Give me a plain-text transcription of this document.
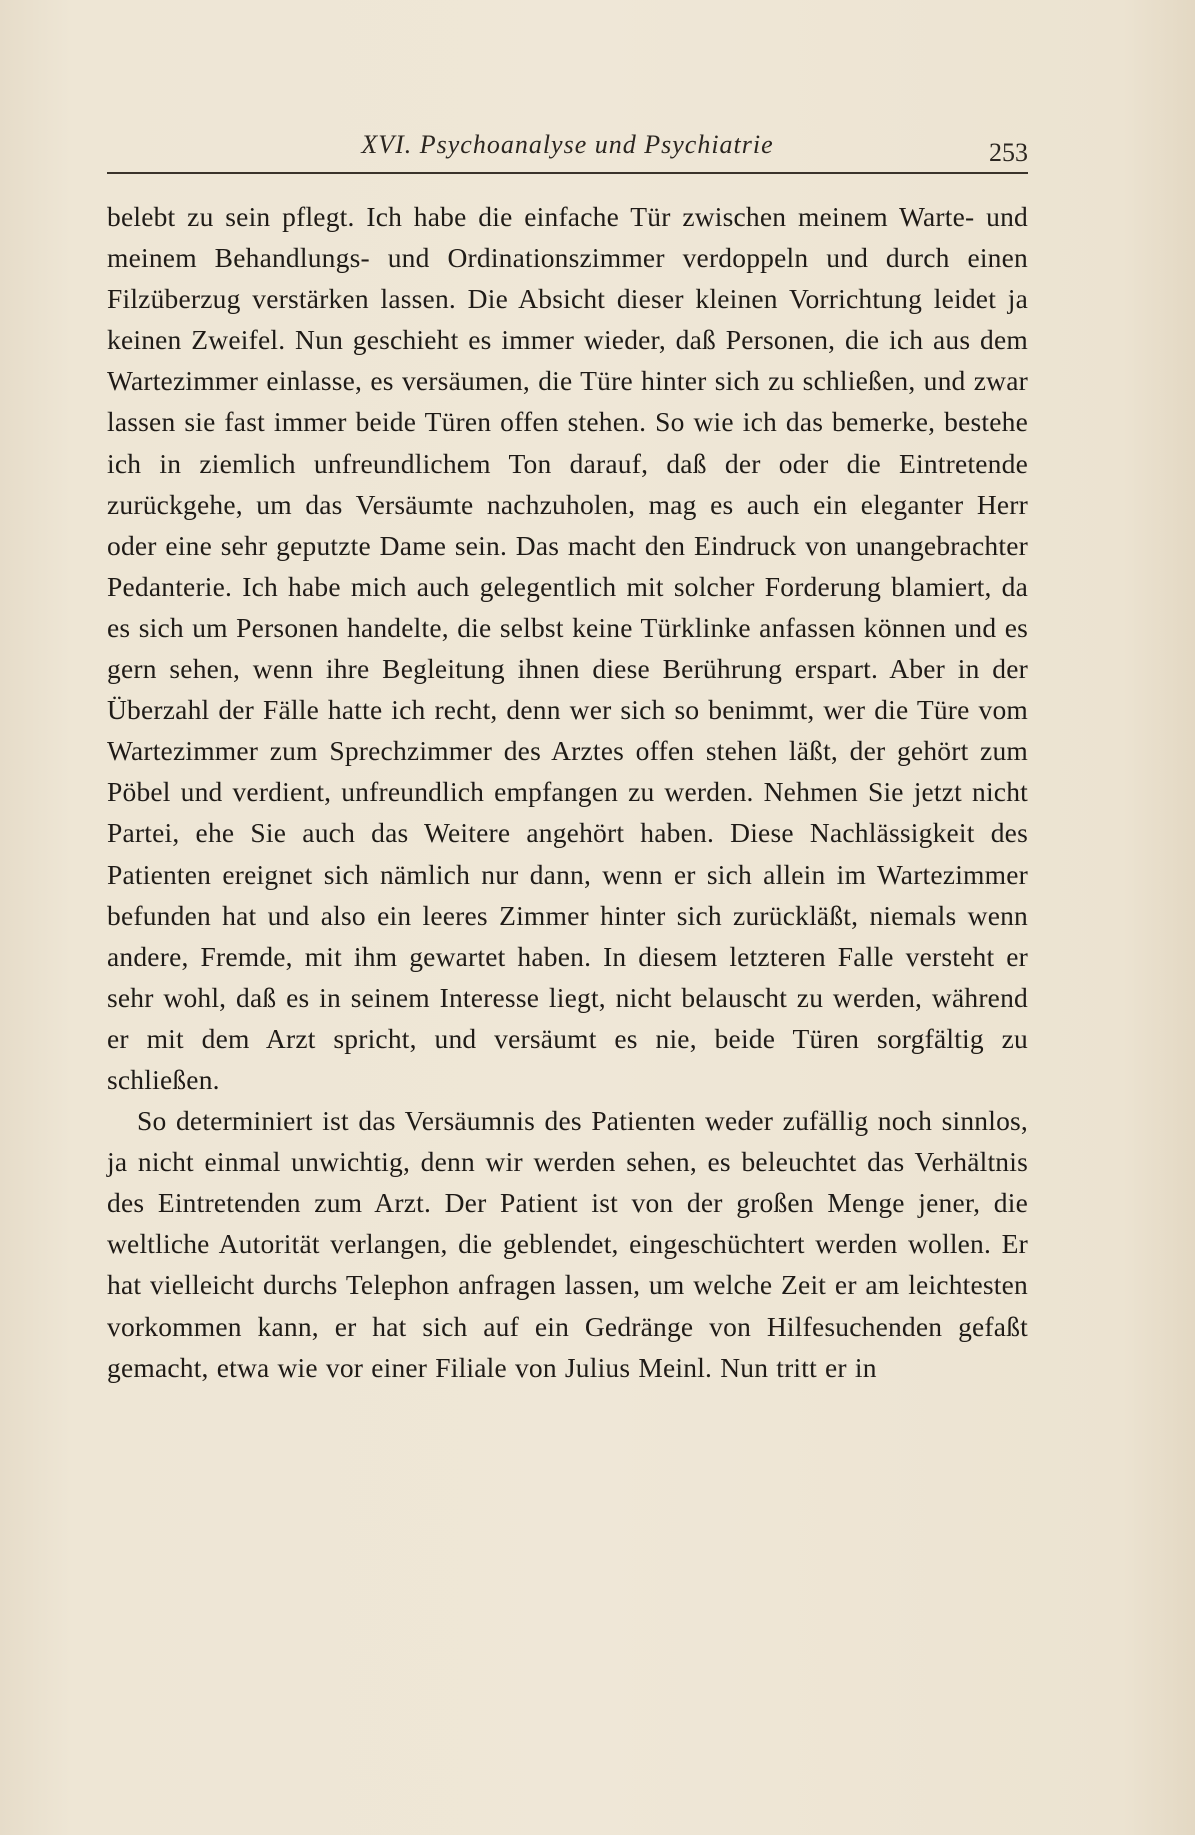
XVI. Psychoanalyse und Psychiatrie	253

belebt zu sein pflegt. Ich habe die einfache Tür zwischen meinem Warte- und meinem Behandlungs- und Ordinationszimmer verdoppeln und durch einen Filzüberzug verstärken lassen. Die Absicht dieser kleinen Vorrichtung leidet ja keinen Zweifel. Nun geschieht es immer wieder, daß Personen, die ich aus dem Wartezimmer einlasse, es versäumen, die Türe hinter sich zu schließen, und zwar lassen sie fast immer beide Türen offen stehen. So wie ich das bemerke, bestehe ich in ziemlich unfreundlichem Ton darauf, daß der oder die Eintretende zurückgehe, um das Versäumte nachzuholen, mag es auch ein eleganter Herr oder eine sehr geputzte Dame sein. Das macht den Eindruck von unangebrachter Pedanterie. Ich habe mich auch gelegentlich mit solcher Forderung blamiert, da es sich um Personen handelte, die selbst keine Türklinke anfassen können und es gern sehen, wenn ihre Begleitung ihnen diese Berührung erspart. Aber in der Überzahl der Fälle hatte ich recht, denn wer sich so benimmt, wer die Türe vom Wartezimmer zum Sprechzimmer des Arztes offen stehen läßt, der gehört zum Pöbel und verdient, unfreundlich empfangen zu werden. Nehmen Sie jetzt nicht Partei, ehe Sie auch das Weitere angehört haben. Diese Nachlässigkeit des Patienten ereignet sich nämlich nur dann, wenn er sich allein im Wartezimmer befunden hat und also ein leeres Zimmer hinter sich zurückläßt, niemals wenn andere, Fremde, mit ihm gewartet haben. In diesem letzteren Falle versteht er sehr wohl, daß es in seinem Interesse liegt, nicht belauscht zu werden, während er mit dem Arzt spricht, und versäumt es nie, beide Türen sorgfältig zu schließen.

So determiniert ist das Versäumnis des Patienten weder zufällig noch sinnlos, ja nicht einmal unwichtig, denn wir werden sehen, es beleuchtet das Verhältnis des Eintretenden zum Arzt. Der Patient ist von der großen Menge jener, die weltliche Autorität verlangen, die geblendet, eingeschüchtert werden wollen. Er hat vielleicht durchs Telephon anfragen lassen, um welche Zeit er am leichtesten vorkommen kann, er hat sich auf ein Gedränge von Hilfesuchenden gefaßt gemacht, etwa wie vor einer Filiale von Julius Meinl. Nun tritt er in
